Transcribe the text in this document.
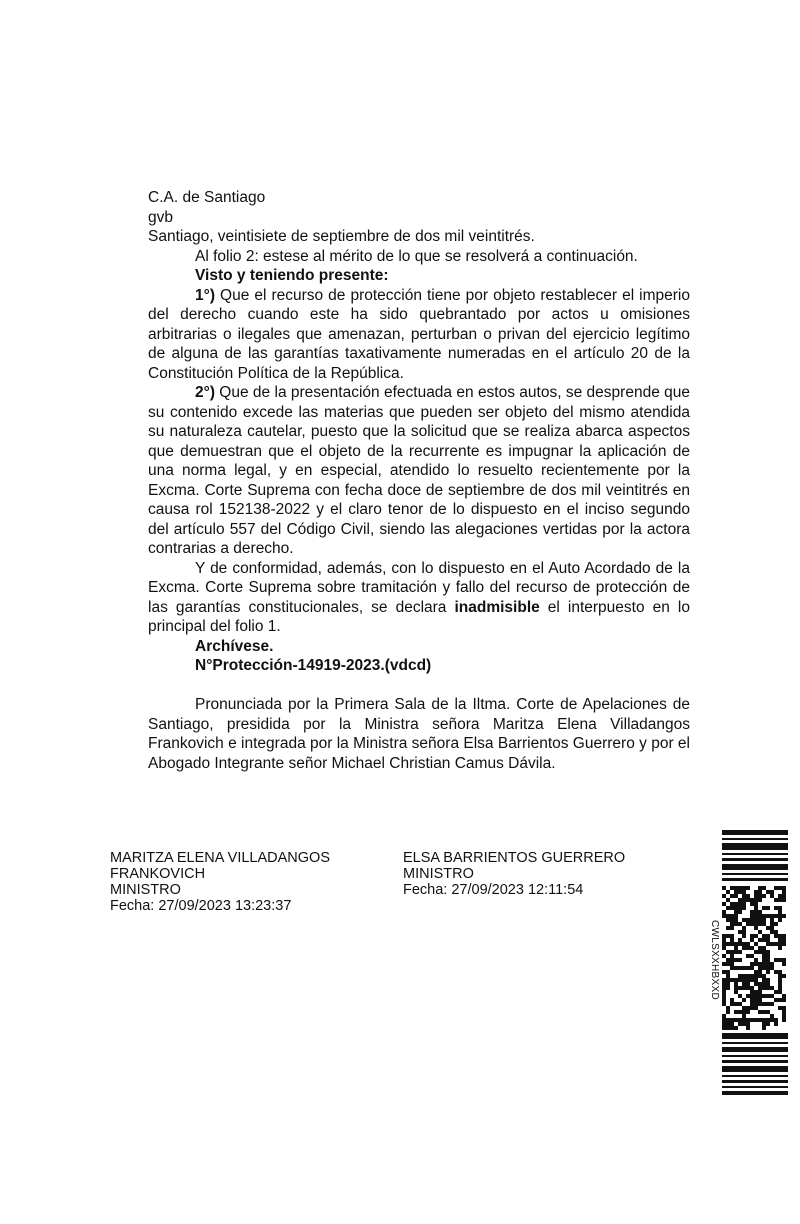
C.A. de Santiago

gvb

Santiago, veintisiete de septiembre de dos mil veintitrés.

Al folio 2: estese al mérito de lo que se resolverá a continuación.

Visto y teniendo presente:

1°) Que el recurso de protección tiene por objeto restablecer el imperio del derecho cuando este ha sido quebrantado por actos u omisiones arbitrarias o ilegales que amenazan, perturban o privan del ejercicio legítimo de alguna de las garantías taxativamente numeradas en el artículo 20 de la Constitución Política de la República.

2°) Que de la presentación efectuada en estos autos, se desprende que su contenido excede las materias que pueden ser objeto del mismo atendida su naturaleza cautelar, puesto que la solicitud que se realiza abarca aspectos que demuestran que el objeto de la recurrente es impugnar la aplicación de una norma legal, y en especial, atendido lo resuelto recientemente por la Excma. Corte Suprema con fecha doce de septiembre de dos mil veintitrés en causa rol 152138-2022 y el claro tenor de lo dispuesto en el inciso segundo del artículo 557 del Código Civil, siendo las alegaciones vertidas por la actora contrarias a derecho.

Y de conformidad, además, con lo dispuesto en el Auto Acordado de la Excma. Corte Suprema sobre tramitación y fallo del recurso de protección de las garantías constitucionales, se declara inadmisible el interpuesto en lo principal del folio 1.

Archívese.

N°Protección-14919-2023.(vdcd)

Pronunciada por la Primera Sala de la Iltma. Corte de Apelaciones de Santiago, presidida por la Ministra señora Maritza Elena Villadangos Frankovich e integrada por la Ministra señora Elsa Barrientos Guerrero y por el Abogado Integrante señor Michael Christian Camus Dávila.

MARITZA ELENA VILLADANGOS
FRANKOVICH
MINISTRO
Fecha: 27/09/2023 13:23:37
ELSA BARRIENTOS GUERRERO
MINISTRO
Fecha: 27/09/2023 12:11:54
CWLSXXHBXXD
